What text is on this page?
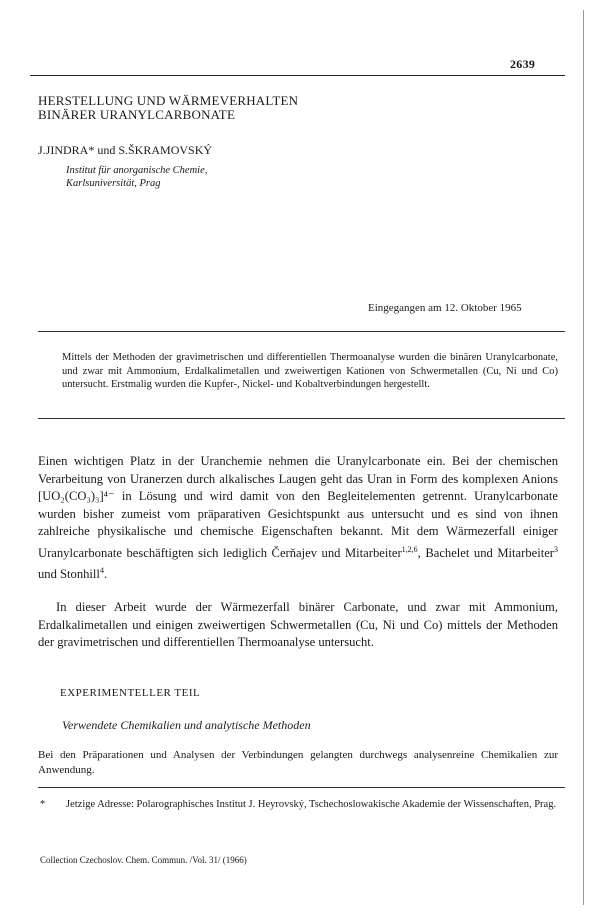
2639
HERSTELLUNG UND WÄRMEVERHALTEN
BINÄRER URANYLCARBONATE
J.JINDRA* und S.ŠKRAMOVSKÝ
Institut für anorganische Chemie,
Karlsuniversität, Prag
Eingegangen am 12. Oktober 1965
Mittels der Methoden der gravimetrischen und differentiellen Thermoanalyse wurden die binären Uranylcarbonate, und zwar mit Ammonium, Erdalkalimetallen und zweiwertigen Kationen von Schwermetallen (Cu, Ni und Co) untersucht. Erstmalig wurden die Kupfer-, Nickel- und Kobaltverbindungen hergestellt.
Einen wichtigen Platz in der Uranchemie nehmen die Uranylcarbonate ein. Bei der chemischen Verarbeitung von Uranerzen durch alkalisches Laugen geht das Uran in Form des komplexen Anions [UO₂(CO₃)₃]⁴⁻ in Lösung und wird damit von den Begleitelementen getrennt. Uranylcarbonate wurden bisher zumeist vom präparativen Gesichtspunkt aus untersucht und es sind von ihnen zahlreiche physikalische und chemische Eigenschaften bekannt. Mit dem Wärmezerfall einiger Uranylcarbonate beschäftigten sich lediglich Čerňajev und Mitarbeiter$^{1,2,6}$, Bachelet und Mitarbeiter$^3$ und Stonhill$^4$.
In dieser Arbeit wurde der Wärmezerfall binärer Carbonate, und zwar mit Ammonium, Erdalkalimetallen und einigen zweiwertigen Schwermetallen (Cu, Ni und Co) mittels der Methoden der gravimetrischen und differentiellen Thermoanalyse untersucht.
EXPERIMENTELLER TEIL
Verwendete Chemikalien und analytische Methoden
Bei den Präparationen und Analysen der Verbindungen gelangten durchwegs analysenreine Chemikalien zur Anwendung.
* Jetzige Adresse: Polarographisches Institut J. Heyrovský, Tschechoslowakische Akademie der Wissenschaften, Prag.
Collection Czechoslov. Chem. Commun. /Vol. 31/ (1966)
